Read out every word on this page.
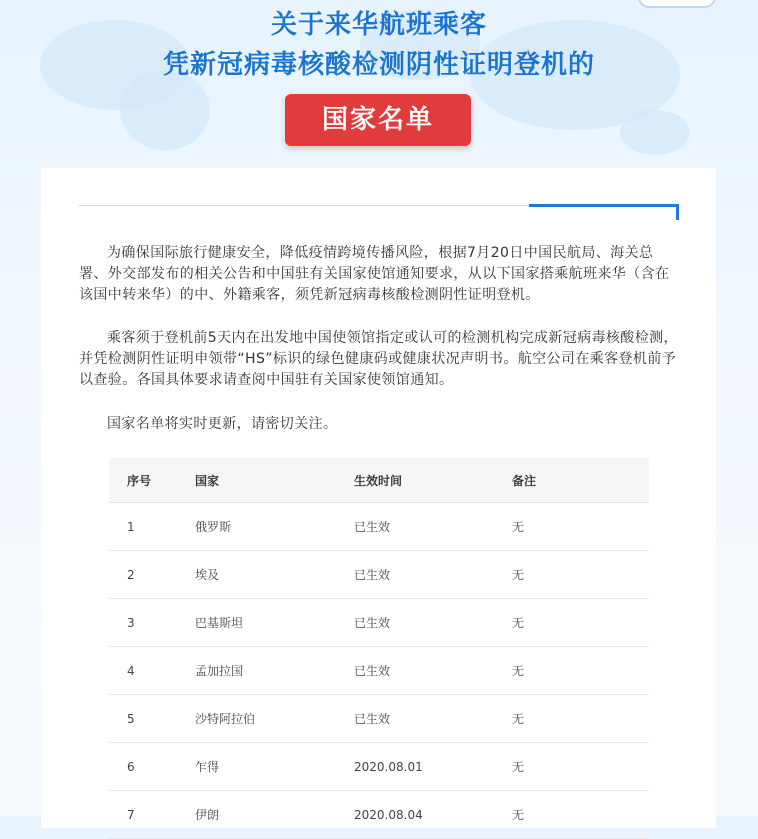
关于来华航班乘客
凭新冠病毒核酸检测阴性证明登机的
国家名单

为确保国际旅行健康安全，降低疫情跨境传播风险，根据7月20日中国民航局、海关总署、外交部发布的相关公告和中国驻有关国家使馆通知要求，从以下国家搭乘航班来华（含在该国中转来华）的中、外籍乘客，须凭新冠病毒核酸检测阴性证明登机。

乘客须于登机前5天内在出发地中国使领馆指定或认可的检测机构完成新冠病毒核酸检测，并凭检测阴性证明申领带“HS”标识的绿色健康码或健康状况声明书。航空公司在乘客登机前予以查验。各国具体要求请查阅中国驻有关国家使领馆通知。

国家名单将实时更新，请密切关注。

序号	国家	生效时间	备注
1	俄罗斯	已生效	无
2	埃及	已生效	无
3	巴基斯坦	已生效	无
4	孟加拉国	已生效	无
5	沙特阿拉伯	已生效	无
6	乍得	2020.08.01	无
7	伊朗	2020.08.04	无
